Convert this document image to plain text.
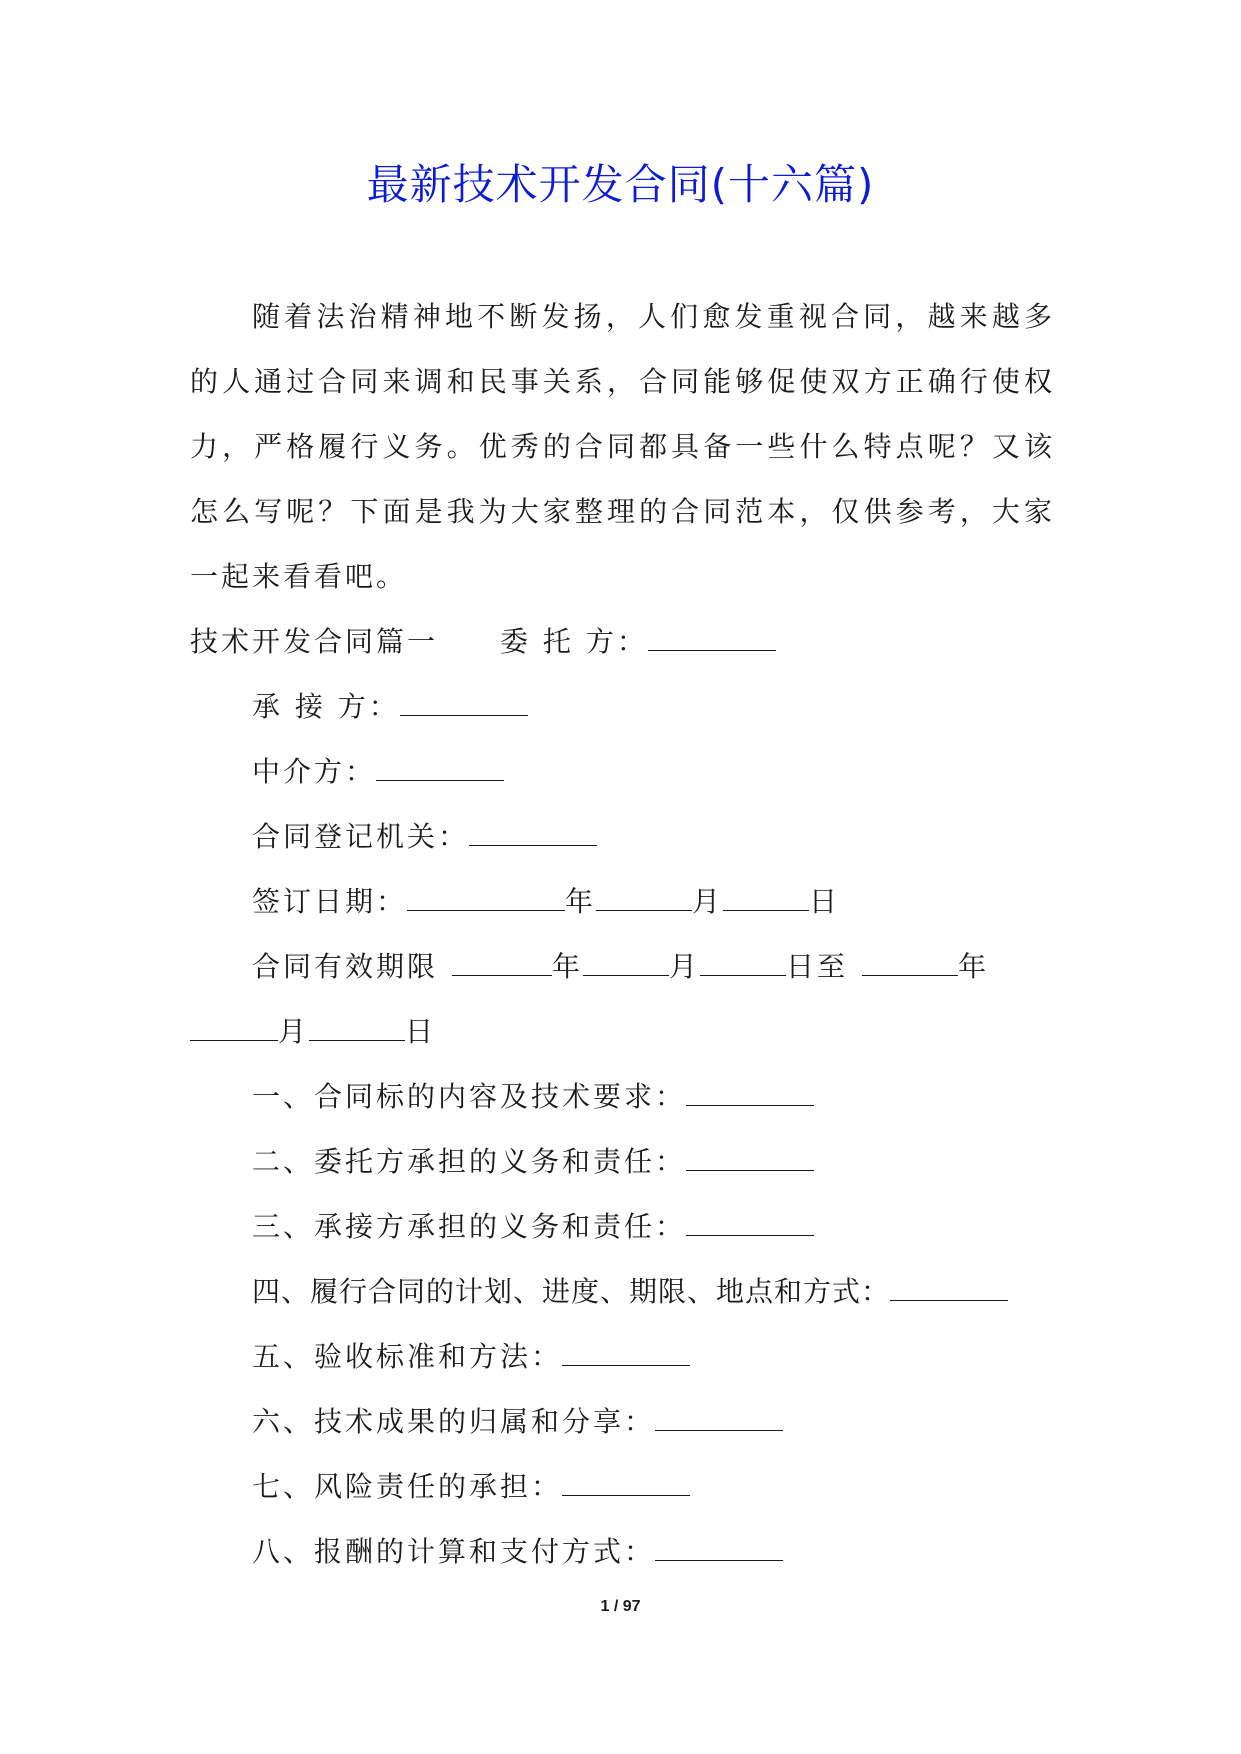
最新技术开发合同(十六篇)

随着法治精神地不断发扬，人们愈发重视合同，越来越多的人通过合同来调和民事关系，合同能够促使双方正确行使权力，严格履行义务。优秀的合同都具备一些什么特点呢？又该怎么写呢？下面是我为大家整理的合同范本，仅供参考，大家一起来看看吧。

技术开发合同篇一 委 托 方：

承 接 方：

中介方：

合同登记机关：

签订日期：	年	月	日

合同有效期限	年	月	日至	年月	日

一、合同标的内容及技术要求：

二、委托方承担的义务和责任：

三、承接方承担的义务和责任：

四、履行合同的计划、进度、期限、地点和方式：

五、验收标准和方法：

六、技术成果的归属和分享：

七、风险责任的承担：

八、报酬的计算和支付方式：

1 / 97
